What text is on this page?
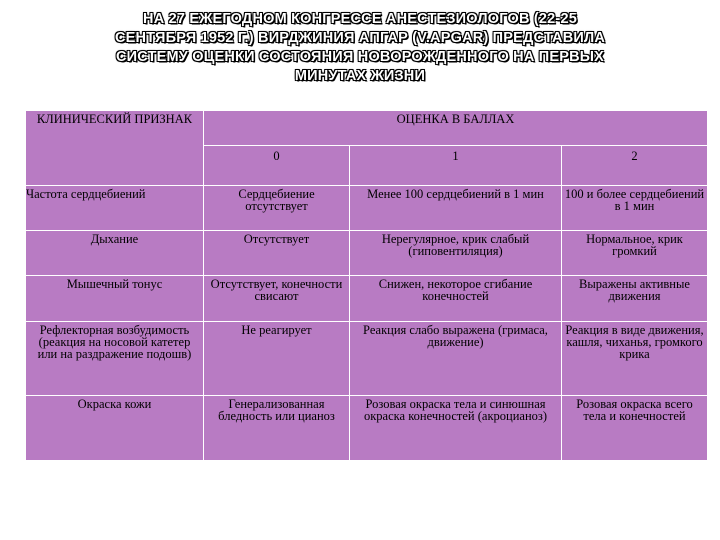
НА 27 ЕЖЕГОДНОМ КОНГРЕССЕ АНЕСТЕЗИОЛОГОВ (22-25
СЕНТЯБРЯ 1952 Г.) ВИРДЖИНИЯ АПГАР (V.APGAR) ПРЕДСТАВИЛА
СИСТЕМУ ОЦЕНКИ СОСТОЯНИЯ НОВОРОЖДЕННОГО НА ПЕРВЫХ
МИНУТАХ ЖИЗНИ
КЛИНИЧЕСКИЙ ПРИЗНАК	ОЦЕНКА В БАЛЛАХ		
	0	1	2
Частота сердцебиений	Сердцебиение отсутствует	Менее 100 сердцебиений в 1 мин	100 и более сердцебиений в 1 мин
Дыхание	Отсутствует	Нерегулярное, крик слабый (гиповентиляция)	Нормальное, крик громкий
Мышечный тонус	Отсутствует, конечности свисают	Снижен, некоторое сгибание конечностей	Выражены активные движения
Рефлекторная возбудимость (реакция на носовой катетер или на раздражение подошв)	Не реагирует	Реакция слабо выражена (гримаса, движение)	Реакция в виде движения, кашля, чиханья, громкого крика
Окраска кожи	Генерализованная бледность или цианоз	Розовая окраска тела и синюшная окраска конечностей (акроцианоз)	Розовая окраска всего тела и конечностей
